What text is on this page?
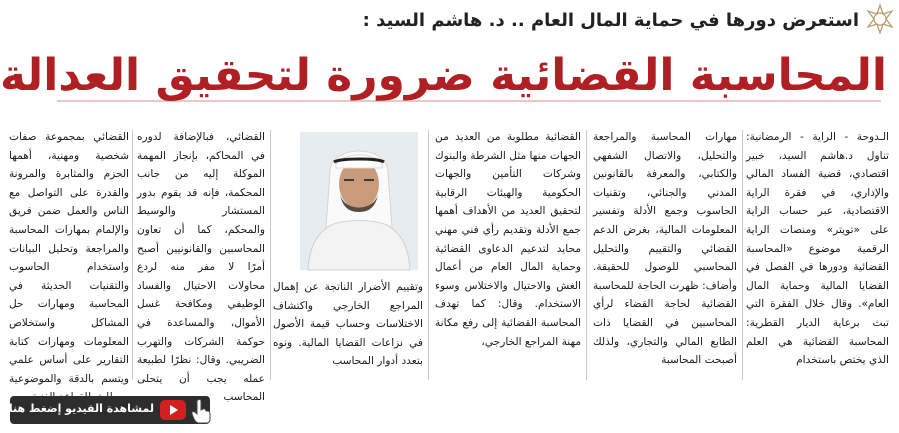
استعرض دورها في حماية المال العام .. د. هاشم السيد :
المحاسبة القضائية ضرورة لتحقيق العدالة

الـدوحة - الراية - الرمضانية: تناول د.هاشم السيد، خبير اقتصادي، قضية الفساد المالي والإداري، في فقرة الراية الاقتصادية، عبر حساب الراية على «تويتر» ومنصات الراية الرقمية موضوع «المحاسبة القضائية ودورها في الفصل في القضايا المالية وحماية المال العام». وقال خلال الفقرة التي تبث برعاية الديار القطرية: المحاسبة القضائية هي العلم الذي يختص باستخدام

مهارات المحاسبة والمراجعة والتحليل، والاتصال الشفهي والكتابي، والمعرفة بالقانونين المدني والجنائي، وتقنيات الحاسوب وجمع الأدلة وتفسير المعلومات المالية، بغرض الدعم القضائي والتقييم والتحليل المحاسبي للوصول للحقيقة. وأضاف: ظهرت الحاجة للمحاسبة القضائية لحاجة القضاء لرأي المحاسبين في القضايا ذات الطابع المالي والتجاري، ولذلك أصبحت المحاسبة

القضائية مطلوبة من العديد من الجهات منها مثل الشرطة والبنوك وشركات التأمين والجهات الحكومية والهيئات الرقابية لتحقيق العديد من الأهداف أهمها جمع الأدلة وتقديم رأي فني مهني محايد لتدعيم الدعاوى القضائية وحماية المال العام من أعمال الغش والاحتيال والاختلاس وسوء الاستخدام. وقال: كما تهدف المحاسبة القضائية إلى رفع مكانة مهنة المراجع الخارجي،

وتقييم الأضرار الناتجة عن إهمال المراجع الخارجي واكتشاف الاختلاسات وحساب قيمة الأصول في نزاعات القضايا المالية. ونوه بتعدد أدوار المحاسب

القضائي، فبالإضافة لدوره في المحاكم، بإنجاز المهمة الموكلة إليه من جانب المحكمة، فإنه قد يقوم بدور المستشار والوسيط والمحكم، كما أن تعاون المحاسبين والقانونيين أصبح أمرًا لا مفر منه لردع محاولات الاحتيال والفساد الوظيفي ومكافحة غسل الأموال، والمساعدة في حوكمة الشركات والتهرب الضريبي. وقال: نظرًا لطبيعة عمله يجب أن يتحلى المحاسب

القضائي بمجموعة صفات شخصية ومهنية، أهمها الحزم والمثابرة والمرونة والقدرة على التواصل مع الناس والعمل ضمن فريق والإلمام بمهارات المحاسبة والمراجعة وتحليل البيانات واستخدام الحاسوب والتقنيات الحديثة في المحاسبة ومهارات حل المشاكل واستخلاص المعلومات ومهارات كتابة التقارير على أساس علمي ويتسم بالدقة والموضوعية

لمشاهدة الفيديو إضغط هنا
